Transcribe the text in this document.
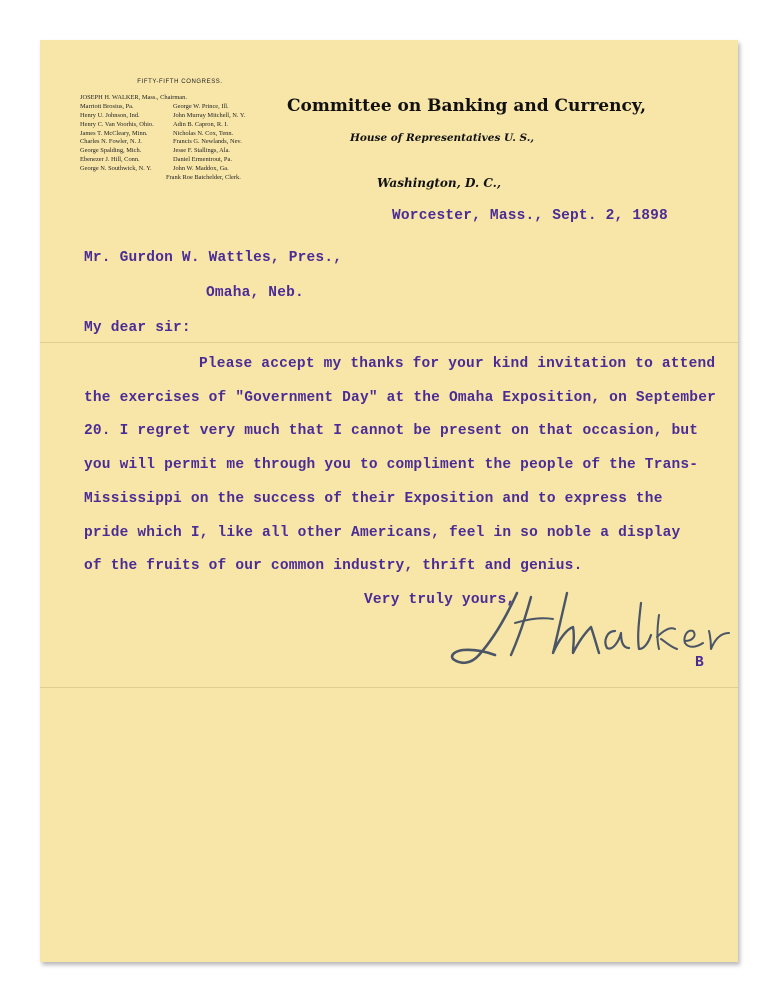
FIFTY-FIFTH CONGRESS.
JOSEPH H. WALKER, Mass., Chairman.
Marriott Brosius, Pa.	George W. Prince, Ill.
Henry U. Johnson, Ind.	John Murray Mitchell, N. Y.
Henry C. Van Voorhis, Ohio.	Adin B. Capron, R. I.
James T. McCleary, Minn.	Nicholas N. Cox, Tenn.
Charles N. Fowler, N. J.	Francis G. Newlands, Nev.
George Spalding, Mich.	Jesse F. Stallings, Ala.
Ebenezer J. Hill, Conn.	Daniel Ermentrout, Pa.
George N. Southwick, N. Y.	John W. Maddox, Ga.
Frank Roe Batchelder, Clerk.
Committee on Banking and Currency,
House of Representatives U. S.,
Washington, D. C.,
Worcester, Mass., Sept. 2, 1898
Mr. Gurdon W. Wattles, Pres.,
Omaha, Neb.
My dear sir:
Please accept my thanks for your kind invitation to attend
the exercises of "Government Day" at the Omaha Exposition, on September
20. I regret very much that I cannot be present on that occasion, but
you will permit me through you to compliment the people of the Trans-
Mississippi on the success of their Exposition and to express the
pride which I, like all other Americans, feel in so noble a display
of the fruits of our common industry, thrift and genius.
Very truly yours,
B
